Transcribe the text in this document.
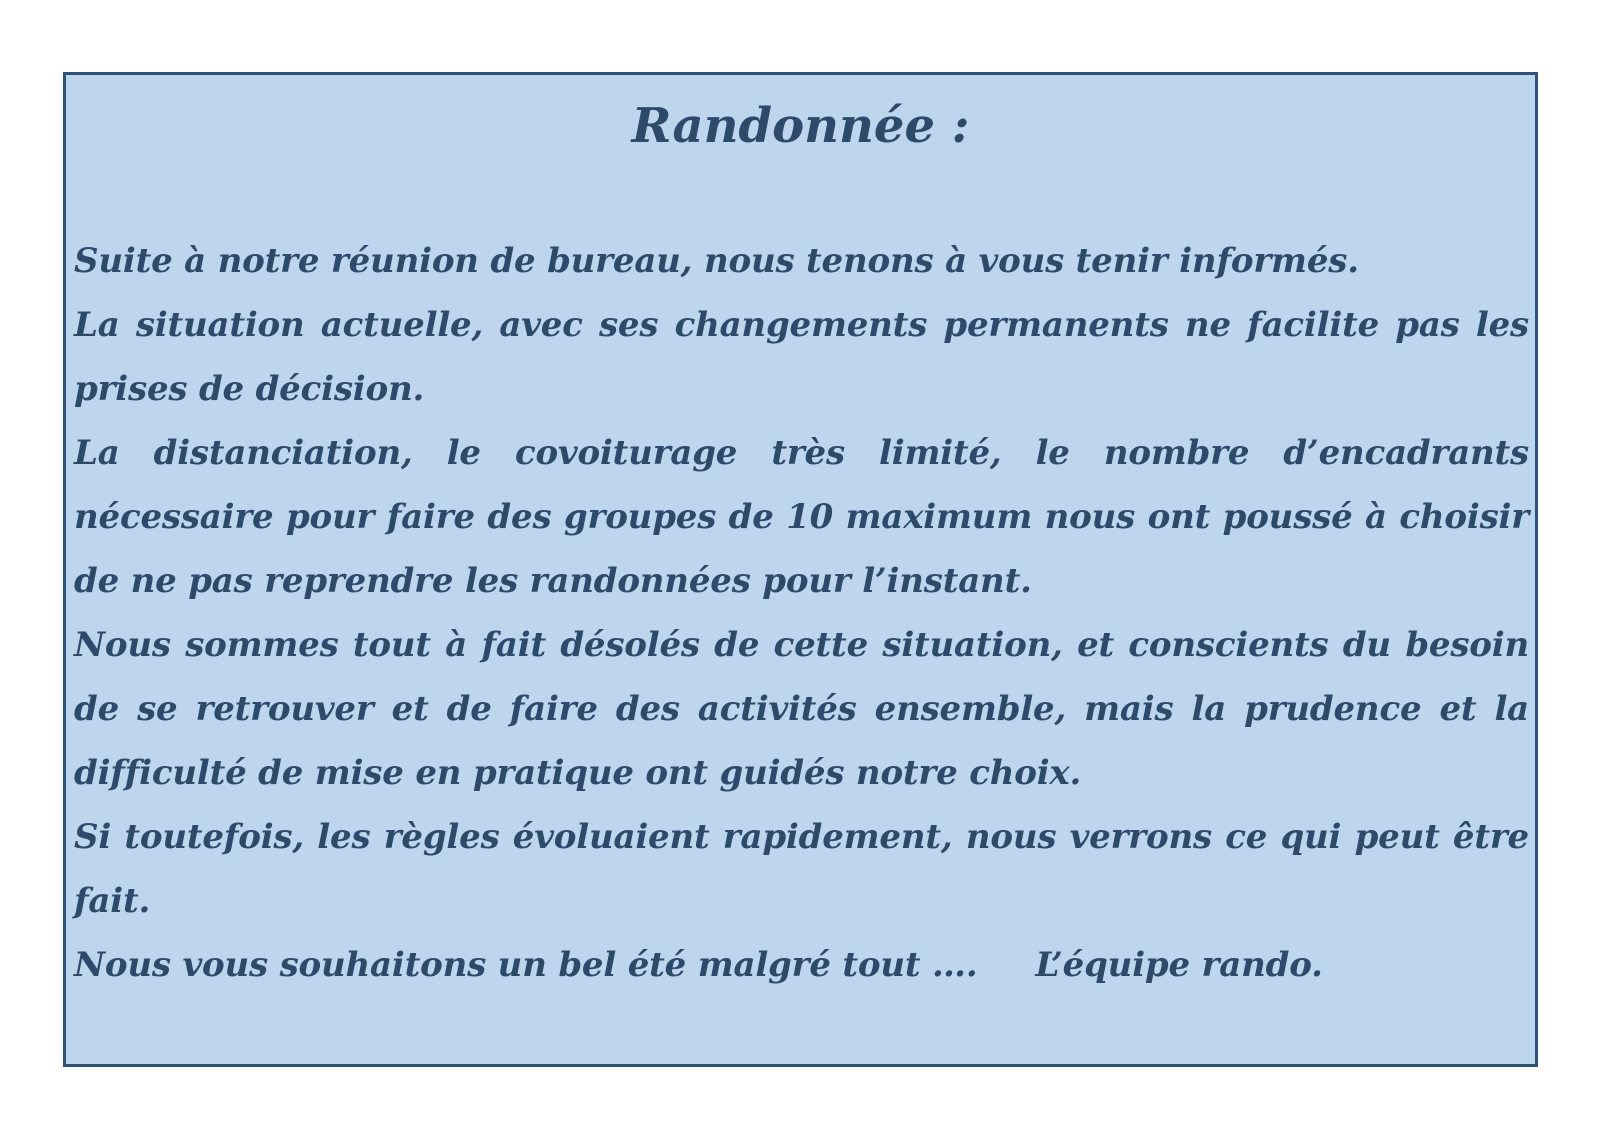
Randonnée :

Suite à notre réunion de bureau, nous tenons à vous tenir informés.

La situation actuelle, avec ses changements permanents ne facilite pas les prises de décision.

La distanciation, le covoiturage très limité, le nombre d’encadrants nécessaire pour faire des groupes de 10 maximum nous ont poussé à choisir de ne pas reprendre les randonnées pour l’instant.

Nous sommes tout à fait désolés de cette situation, et conscients du besoin de se retrouver et de faire des activités ensemble, mais la prudence et la difficulté de mise en pratique ont guidés notre choix.

Si toutefois, les règles évoluaient rapidement, nous verrons ce qui peut être fait.

Nous vous souhaitons un bel été malgré tout …. L’équipe rando.
